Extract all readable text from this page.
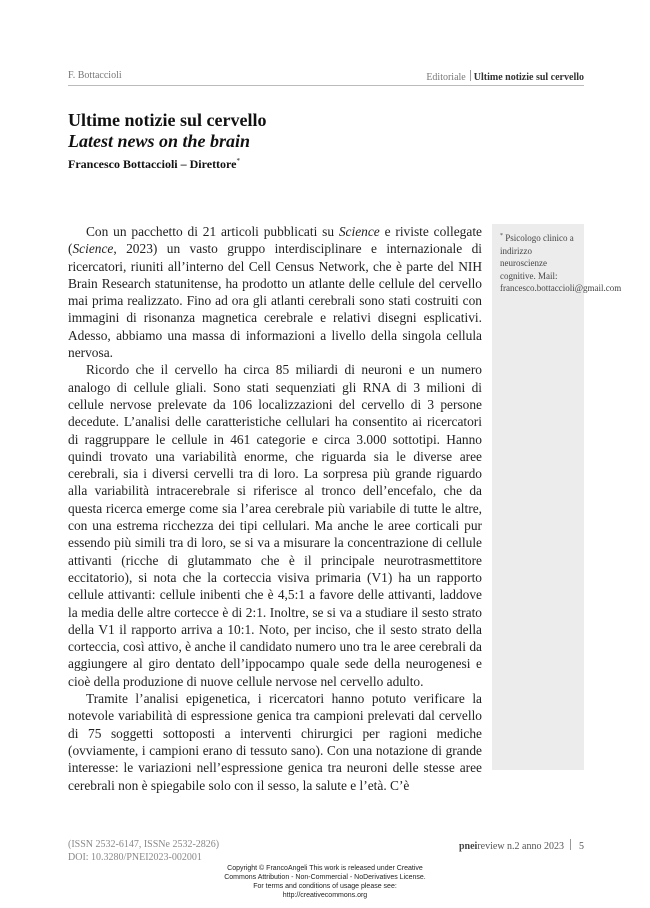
F. Bottaccioli	Editoriale Ultime notizie sul cervello
Ultime notizie sul cervello
Latest news on the brain
Francesco Bottaccioli – Direttore*

Con un pacchetto di 21 articoli pubblicati su Science e riviste collegate (Science, 2023) un vasto gruppo interdisciplinare e internazionale di ricercatori, riuniti all’interno del Cell Census Network, che è parte del NIH Brain Research statunitense, ha prodotto un atlante delle cellule del cervello mai prima realizzato. Fino ad ora gli atlanti cerebrali sono stati costruiti con immagini di risonanza magnetica cerebrale e relativi disegni esplicativi. Adesso, abbiamo una massa di informazioni a livello della singola cellula nervosa.

Ricordo che il cervello ha circa 85 miliardi di neuroni e un numero analogo di cellule gliali. Sono stati sequenziati gli RNA di 3 milioni di cellule nervose prelevate da 106 localizzazioni del cervello di 3 persone decedute. L’analisi delle caratteristiche cellulari ha consentito ai ricercatori di raggruppare le cellule in 461 categorie e circa 3.000 sottotipi. Hanno quindi trovato una variabilità enorme, che riguarda sia le diverse aree cerebrali, sia i diversi cervelli tra di loro. La sorpresa più grande riguardo alla variabilità intracerebrale si riferisce al tronco dell’encefalo, che da questa ricerca emerge come sia l’area cerebrale più variabile di tutte le altre, con una estrema ricchezza dei tipi cellulari. Ma anche le aree corticali pur essendo più simili tra di loro, se si va a misurare la concentrazione di cellule attivanti (ricche di glutammato che è il principale neurotrasmettitore eccitatorio), si nota che la corteccia visiva primaria (V1) ha un rapporto cellule attivanti: cellule inibenti che è 4,5:1 a favore delle attivanti, laddove la media delle altre cortecce è di 2:1. Inoltre, se si va a studiare il sesto strato della V1 il rapporto arriva a 10:1. Noto, per inciso, che il sesto strato della corteccia, così attivo, è anche il candidato numero uno tra le aree cerebrali da aggiungere al giro dentato dell’ippocampo quale sede della neurogenesi e cioè della produzione di nuove cellule nervose nel cervello adulto.

Tramite l’analisi epigenetica, i ricercatori hanno potuto verificare la notevole variabilità di espressione genica tra campioni prelevati dal cervello di 75 soggetti sottoposti a interventi chirurgici per ragioni mediche (ovviamente, i campioni erano di tessuto sano). Con una notazione di grande interesse: le variazioni nell’espressione genica tra neuroni delle stesse aree cerebrali non è spiegabile solo con il sesso, la salute e l’età. C’è

* Psicologo clinico a indirizzo neuroscienze cognitive. Mail: francesco.bottaccioli@gmail.com
(ISSN 2532-6147, ISSNe 2532-2826)
DOI: 10.3280/PNEI2023-002001
pneireview n.2 anno 2023 5
Copyright © FrancoAngeli This work is released under Creative
Commons Attribution - Non-Commercial - NoDerivatives License.
For terms and conditions of usage please see:
http://creativecommons.org
